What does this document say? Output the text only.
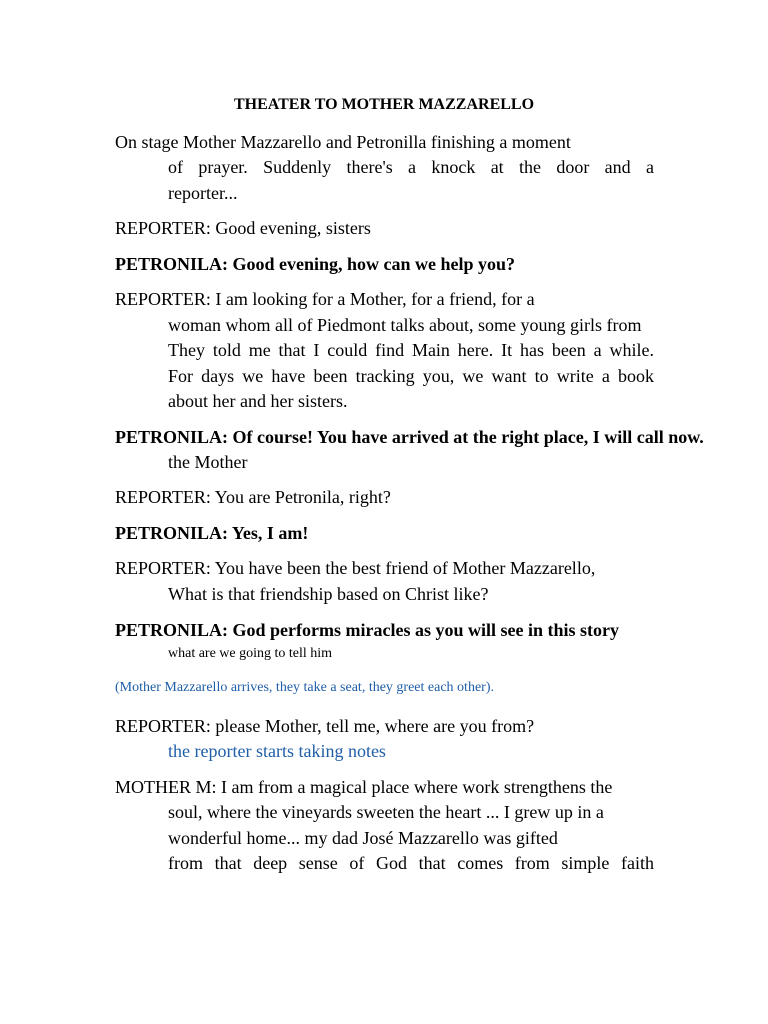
THEATER TO MOTHER MAZZARELLO

On stage Mother Mazzarello and Petronilla finishing a moment

of prayer. Suddenly there's a knock at the door and a

reporter...

REPORTER: Good evening, sisters

PETRONILA: Good evening, how can we help you?

REPORTER: I am looking for a Mother, for a friend, for a

woman whom all of Piedmont talks about, some young girls from

They told me that I could find Main here. It has been a while.

For days we have been tracking you, we want to write a book

about her and her sisters.

PETRONILA: Of course! You have arrived at the right place, I will call now.

the Mother

REPORTER: You are Petronila, right?

PETRONILA: Yes, I am!

REPORTER: You have been the best friend of Mother Mazzarello,

What is that friendship based on Christ like?

PETRONILA: God performs miracles as you will see in this story

what are we going to tell him

(Mother Mazzarello arrives, they take a seat, they greet each other).

REPORTER: please Mother, tell me, where are you from?

the reporter starts taking notes

MOTHER M: I am from a magical place where work strengthens the

soul, where the vineyards sweeten the heart ... I grew up in a

wonderful home... my dad José Mazzarello was gifted

from that deep sense of God that comes from simple faith
